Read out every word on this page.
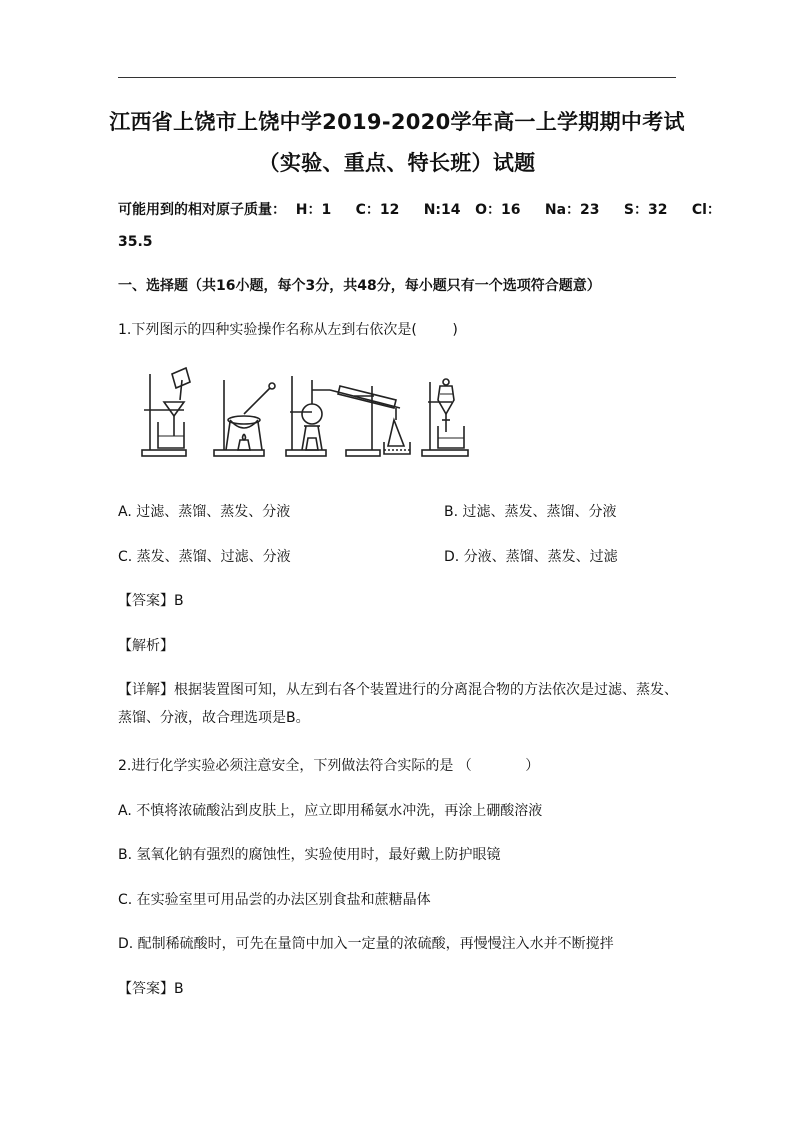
江西省上饶市上饶中学2019-2020学年高一上学期期中考试
（实验、重点、特长班）试题
可能用到的相对原子质量：  H：1     C：12     N:14   O：16     Na：23     S：32     Cl：
35.5
一、选择题（共16小题，每个3分，共48分，每小题只有一个选项符合题意）
1.下列图示的四种实验操作名称从左到右依次是(        )
A. 过滤、蒸馏、蒸发、分液	B. 过滤、蒸发、蒸馏、分液
C. 蒸发、蒸馏、过滤、分液	D. 分液、蒸馏、蒸发、过滤
【答案】B
【解析】
【详解】根据装置图可知，从左到右各个装置进行的分离混合物的方法依次是过滤、蒸发、蒸馏、分液，故合理选项是B。
2.进行化学实验必须注意安全，下列做法符合实际的是 （            ）
A. 不慎将浓硫酸沾到皮肤上，应立即用稀氨水冲洗，再涂上硼酸溶液
B. 氢氧化钠有强烈的腐蚀性，实验使用时，最好戴上防护眼镜
C. 在实验室里可用品尝的办法区别食盐和蔗糖晶体
D. 配制稀硫酸时，可先在量筒中加入一定量的浓硫酸，再慢慢注入水并不断搅拌
【答案】B
